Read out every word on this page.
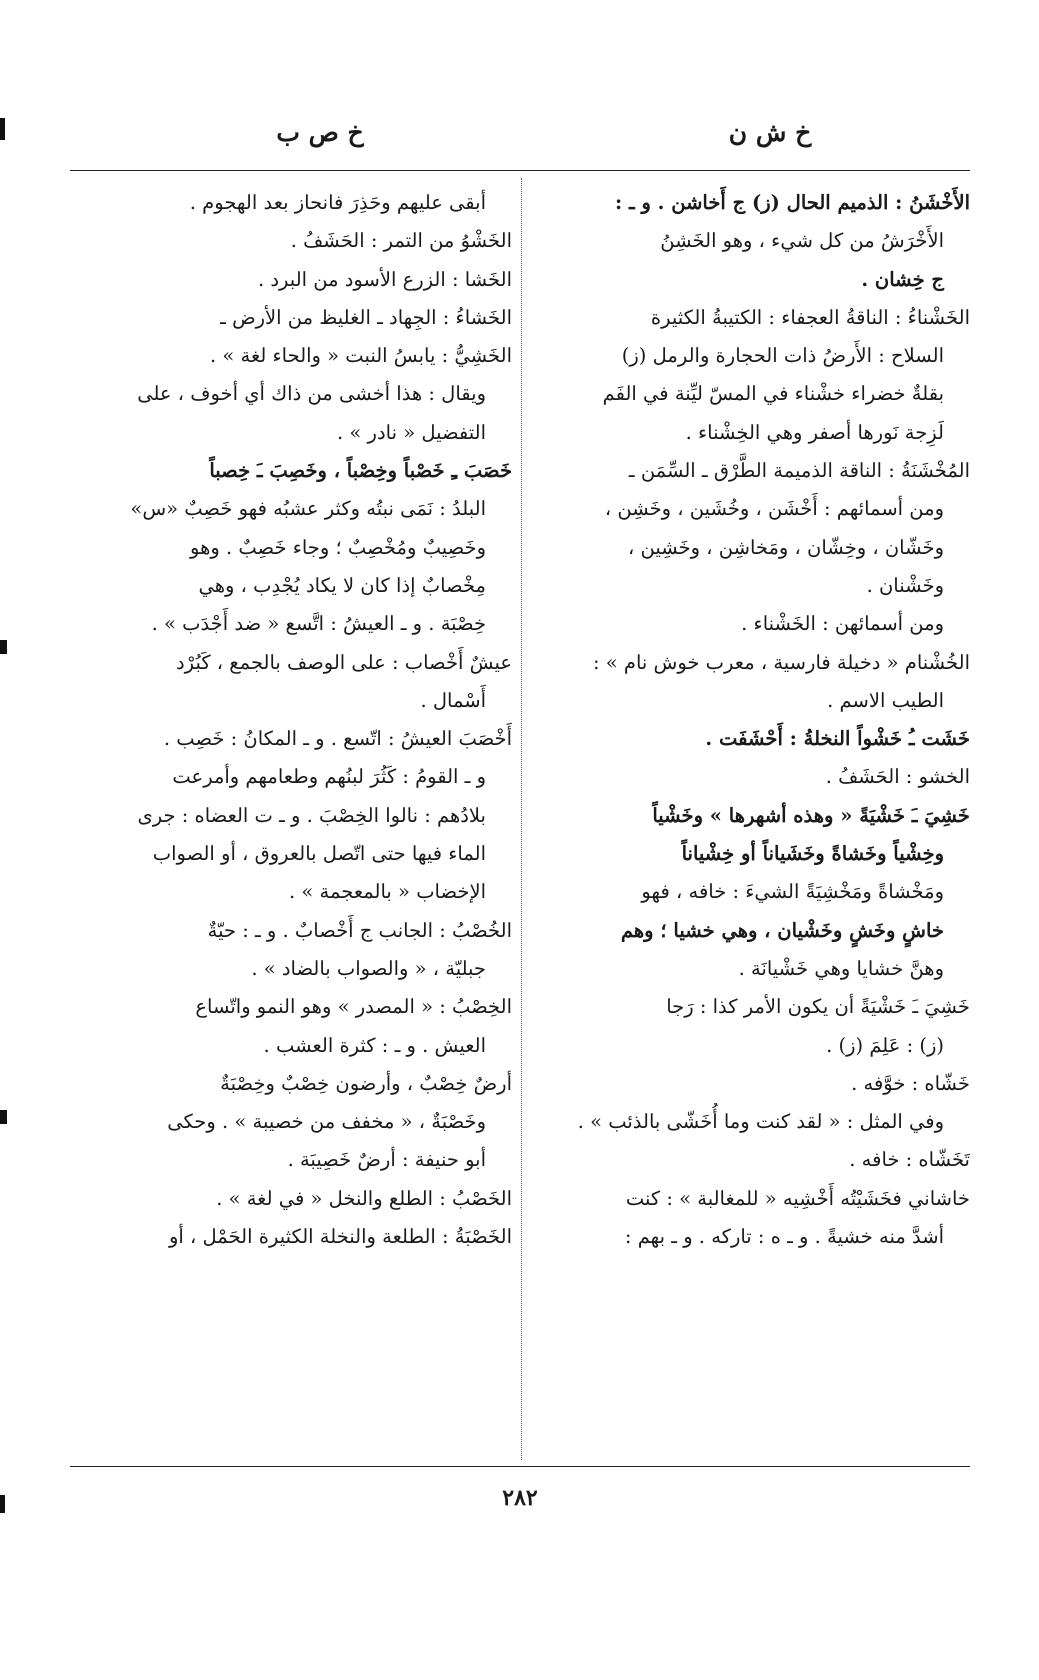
خ ش ن
خ ص ب
الأَخْشَنُ : الذميم الحال (ز) ج أَخاشن . و ـ :
الأَخْرَشُ من كل شيء ، وهو الخَشِنُ
ج خِشان .
الخَشْناءُ : الناقةُ العجفاء : الكتيبةُ الكثيرة
السلاح : الأَرضُ ذات الحجارة والرمل (ز)
بقلةٌ خضراء خشْناء في المسّ ليِّنة في الفَم
لَزِجة نَورها أصفر وهي الخِشْناء .
المُخْشَنَةُ : الناقة الذميمة الطَّرْق ـ السِّمَن ـ
ومن أسمائهم : أَخْشَن ، وخُشَين ، وخَشِن ،
وخَشّان ، وخِشّان ، ومَخاشِن ، وخَشِين ،
وخَشْنان .
ومن أسمائهن : الخَشْناء .
الخُشْنام « دخيلة فارسية ، معرب خوش نام » :
الطيب الاسم .
خَشَت ـُ خَشْواً النخلةُ : أَحْشَفَت .
الخشو : الحَشَفُ .
خَشِيَ ـَ خَشْيَةً « وهذه أشهرها » وخَشْياً
وخِشْياً وخَشاةً وخَشَياناً أو خِشْياناً
ومَخْشاةً ومَخْشِيَةً الشيءَ : خافه ، فهو
خاشٍ وخَشٍ وخَشْيان ، وهي خشيا ؛ وهم
وهنَّ خشايا وهي خَشْيانَة .
خَشِيَ ـَ خَشْيَةً أن يكون الأمر كذا : رَجا
(ز) : عَلِمَ (ز) .
خَشّاه : خوَّفه .
وفي المثل : « لقد كنت وما أُخَشّى بالذئب » .
تَخَشّاه : خافه .
خاشاني فخَشَيْتُه أَخْشِيه « للمغالبة » : كنت
أشدَّ منه خشيةً . و ـ ه : تاركه . و ـ بهم :
أبقى عليهم وحَذِرَ فانحاز بعد الهجوم .
الخَشْوُ من التمر : الحَشَفُ .
الخَشا : الزرع الأسود من البرد .
الخَشاءُ : الجِهاد ـ الغليظ من الأرض ـ
الخَشِيُّ : يابسُ النبت « والحاء لغة » .
ويقال : هذا أخشى من ذاك أي أخوف ، على
التفضيل « نادر » .
خَصَبَ ـِ خَصْباً وخِصْباً ، وخَصِبَ ـَ خِصباً
البلدُ : نَمَى نبتُه وكثر عشبُه فهو خَصِبٌ «س»
وخَصِيبٌ ومُخْصِبٌ ؛ وجاء خَصِبٌ . وهو
مِخْصابٌ إذا كان لا يكاد يُجْدِب ، وهي
خِصْبَة . و ـ العيشُ : اتَّسع « ضد أَجْدَب » .
عيشٌ أَخْصاب : على الوصف بالجمع ، كَبُرْد
أَسْمال .
أَخْصَبَ العيشُ : اتّسع . و ـ المكانُ : خَصِب .
و ـ القومُ : كَثُرَ لبنُهم وطعامهم وأمرعت
بلادُهم : نالوا الخِصْبَ . و ـ ت العضاه : جرى
الماء فيها حتى اتّصل بالعروق ، أو الصواب
الإخضاب « بالمعجمة » .
الخُصْبُ : الجانب ج أَخْصابٌ . و ـ : حيّةٌ
جبليّة ، « والصواب بالضاد » .
الخِصْبُ : « المصدر » وهو النمو واتّساع
العيش . و ـ : كثرة العشب .
أرضٌ خِصْبٌ ، وأرضون خِصْبٌ وخِصْبَةٌ
وخَصْبَةٌ ، « مخفف من خصيبة » . وحكى
أبو حنيفة : أرضٌ خَصِيبَة .
الخَصْبُ : الطلع والنخل « في لغة » .
الخَصْبَةُ : الطلعة والنخلة الكثيرة الحَمْل ، أو
٢٨٢
